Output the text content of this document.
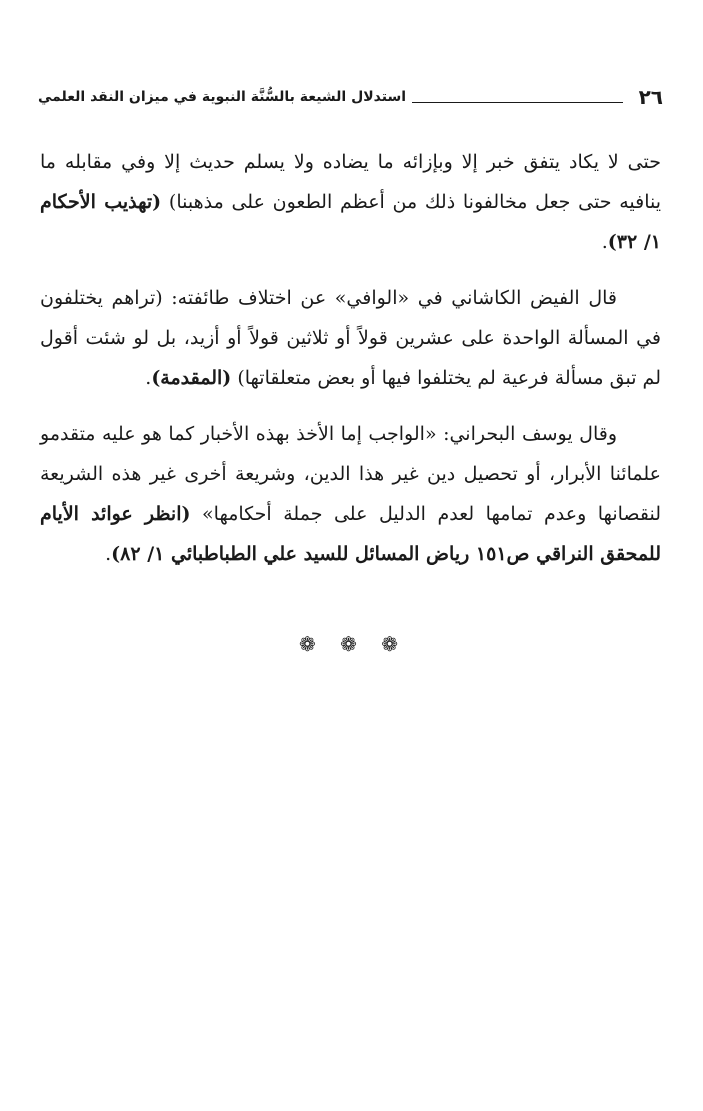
٢٦
استدلال الشيعة بالسُّنَّة النبوية في ميزان النقد العلمي

حتى لا يكاد يتفق خبر إلا وبإزائه ما يضاده ولا يسلم حديث إلا وفي مقابله ما ينافيه حتى جعل مخالفونا ذلك من أعظم الطعون على مذهبنا) (تهذيب الأحكام ١/ ٣٢).

قال الفيض الكاشاني في «الوافي» عن اختلاف طائفته: (تراهم يختلفون في المسألة الواحدة على عشرين قولاً أو ثلاثين قولاً أو أزيد، بل لو شئت أقول لم تبق مسألة فرعية لم يختلفوا فيها أو بعض متعلقاتها) (المقدمة).

وقال يوسف البحراني: «الواجب إما الأخذ بهذه الأخبار كما هو عليه متقدمو علمائنا الأبرار، أو تحصيل دين غير هذا الدين، وشريعة أخرى غير هذه الشريعة لنقصانها وعدم تمامها لعدم الدليل على جملة أحكامها» (انظر عوائد الأيام للمحقق النراقي ص١٥١ رياض المسائل للسيد علي الطباطبائي ١/ ٨٢).

❁ ❁ ❁
